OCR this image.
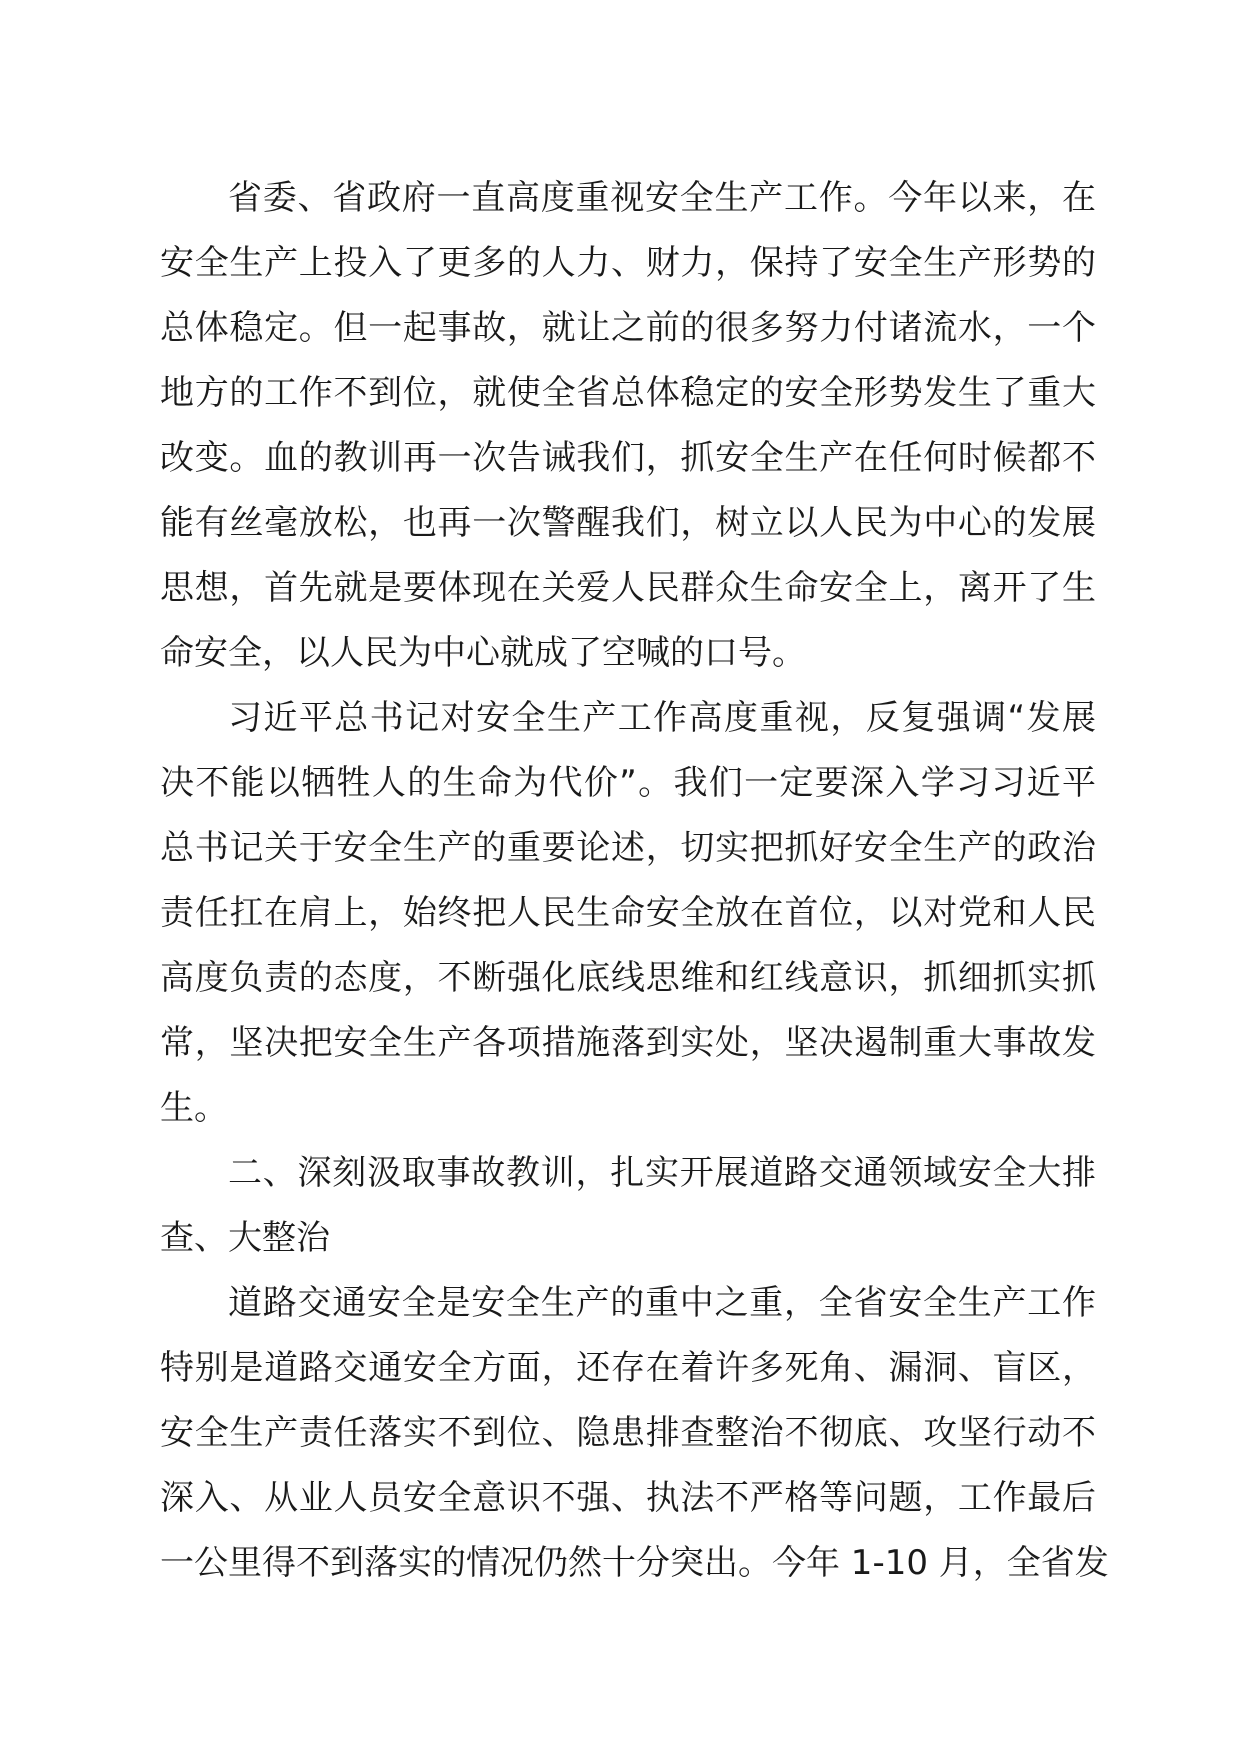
省委、省政府一直高度重视安全生产工作。今年以来，在
安全生产上投入了更多的人力、财力，保持了安全生产形势的
总体稳定。但一起事故，就让之前的很多努力付诸流水，一个
地方的工作不到位，就使全省总体稳定的安全形势发生了重大
改变。血的教训再一次告诫我们，抓安全生产在任何时候都不
能有丝毫放松，也再一次警醒我们，树立以人民为中心的发展
思想，首先就是要体现在关爱人民群众生命安全上，离开了生
命安全，以人民为中心就成了空喊的口号。
习近平总书记对安全生产工作高度重视，反复强调“发展
决不能以牺牲人的生命为代价”。我们一定要深入学习习近平
总书记关于安全生产的重要论述，切实把抓好安全生产的政治
责任扛在肩上，始终把人民生命安全放在首位，以对党和人民
高度负责的态度，不断强化底线思维和红线意识，抓细抓实抓
常，坚决把安全生产各项措施落到实处，坚决遏制重大事故发
生。
二、深刻汲取事故教训，扎实开展道路交通领域安全大排
查、大整治
道路交通安全是安全生产的重中之重，全省安全生产工作
特别是道路交通安全方面，还存在着许多死角、漏洞、盲区，
安全生产责任落实不到位、隐患排查整治不彻底、攻坚行动不
深入、从业人员安全意识不强、执法不严格等问题，工作最后
一公里得不到落实的情况仍然十分突出。今年 1-10 月，全省发
